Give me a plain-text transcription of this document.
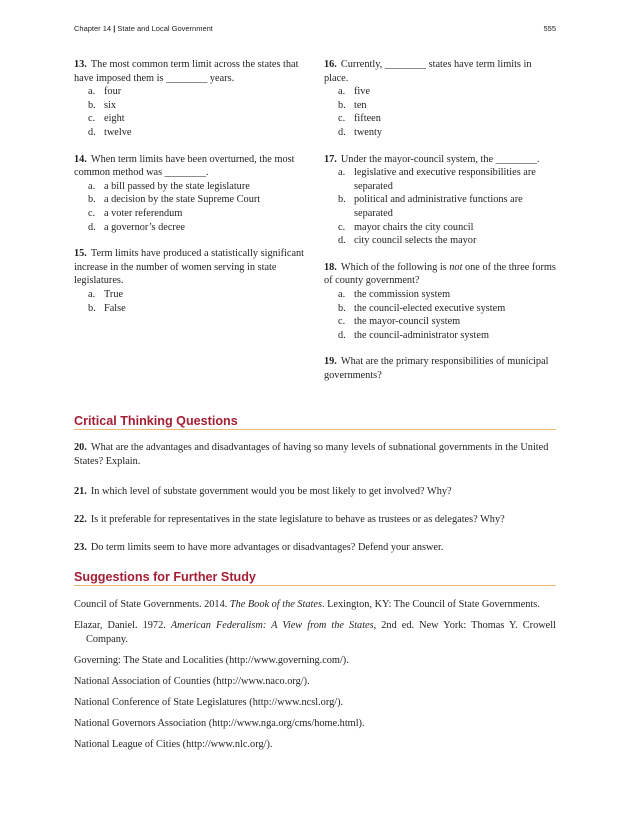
Chapter 14 | State and Local Government	555

13. The most common term limit across the states that have imposed them is ________ years.

a. four
b. six
c. eight
d. twelve

14. When term limits have been overturned, the most common method was ________.

a. a bill passed by the state legislature
b. a decision by the state Supreme Court
c. a voter referendum
d. a governor’s decree

15. Term limits have produced a statistically significant increase in the number of women serving in state legislatures.

a. True
b. False

16. Currently, ________ states have term limits in place.

a. five
b. ten
c. fifteen
d. twenty

17. Under the mayor-council system, the ________.

a. legislative and executive responsibilities are separated
b. political and administrative functions are separated
c. mayor chairs the city council
d. city council selects the mayor

18. Which of the following is not one of the three forms of county government?

a. the commission system
b. the council-elected executive system
c. the mayor-council system
d. the council-administrator system

19. What are the primary responsibilities of municipal governments?

Critical Thinking Questions
20. What are the advantages and disadvantages of having so many levels of subnational governments in the United States? Explain.
21. In which level of substate government would you be most likely to get involved? Why?
22. Is it preferable for representatives in the state legislature to behave as trustees or as delegates? Why?
23. Do term limits seem to have more advantages or disadvantages? Defend your answer.
Suggestions for Further Study

Council of State Governments. 2014. The Book of the States. Lexington, KY: The Council of State Governments.

Elazar, Daniel. 1972. American Federalism: A View from the States, 2nd ed. New York: Thomas Y. Crowell Company.

Governing: The State and Localities (http://www.governing.com/).

National Association of Counties (http://www.naco.org/).

National Conference of State Legislatures (http://www.ncsl.org/).

National Governors Association (http://www.nga.org/cms/home.html).

National League of Cities (http://www.nlc.org/).
